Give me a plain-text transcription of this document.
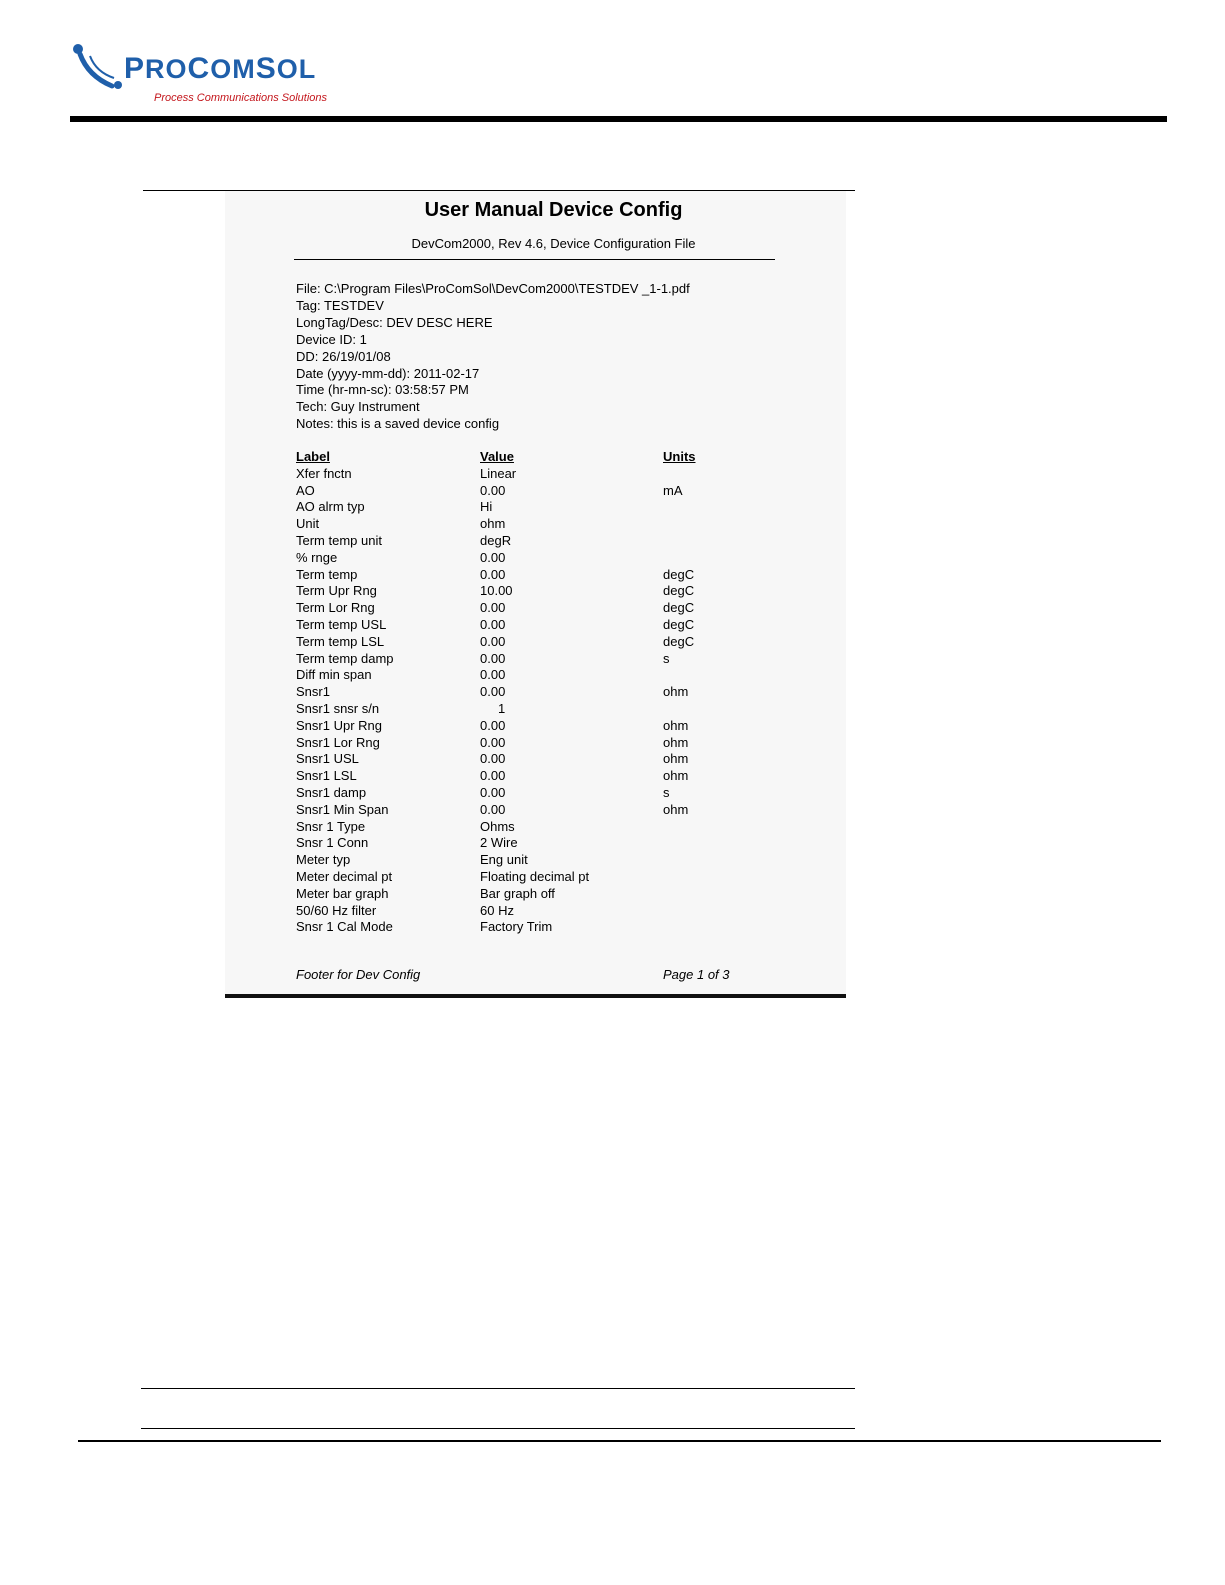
PROCOMSOL
Process Communications Solutions
User Manual Device Config
DevCom2000, Rev 4.6, Device Configuration File
File: C:\Program Files\ProComSol\DevCom2000\TESTDEV _1-1.pdf
Tag: TESTDEV
LongTag/Desc: DEV DESC HERE
Device ID: 1
DD: 26/19/01/08
Date (yyyy-mm-dd): 2011-02-17
Time (hr-mn-sc): 03:58:57 PM
Tech: Guy Instrument
Notes: this is a saved device config
Label	Value	Units
Xfer fnctn	Linear
AO	0.00	mA
AO alrm typ	Hi
Unit	ohm
Term temp unit	degR
% rnge	0.00
Term temp	0.00	degC
Term Upr Rng	10.00	degC
Term Lor Rng	0.00	degC
Term temp USL	0.00	degC
Term temp LSL	0.00	degC
Term temp damp	0.00	s
Diff min span	0.00
Snsr1	0.00	ohm
Snsr1 snsr s/n	1
Snsr1 Upr Rng	0.00	ohm
Snsr1 Lor Rng	0.00	ohm
Snsr1 USL	0.00	ohm
Snsr1 LSL	0.00	ohm
Snsr1 damp	0.00	s
Snsr1 Min Span	0.00	ohm
Snsr 1 Type	Ohms
Snsr 1 Conn	2 Wire
Meter typ	Eng unit
Meter decimal pt	Floating decimal pt
Meter bar graph	Bar graph off
50/60 Hz filter	60 Hz
Snsr 1 Cal Mode	Factory Trim
Footer for Dev Config	Page 1 of 3
